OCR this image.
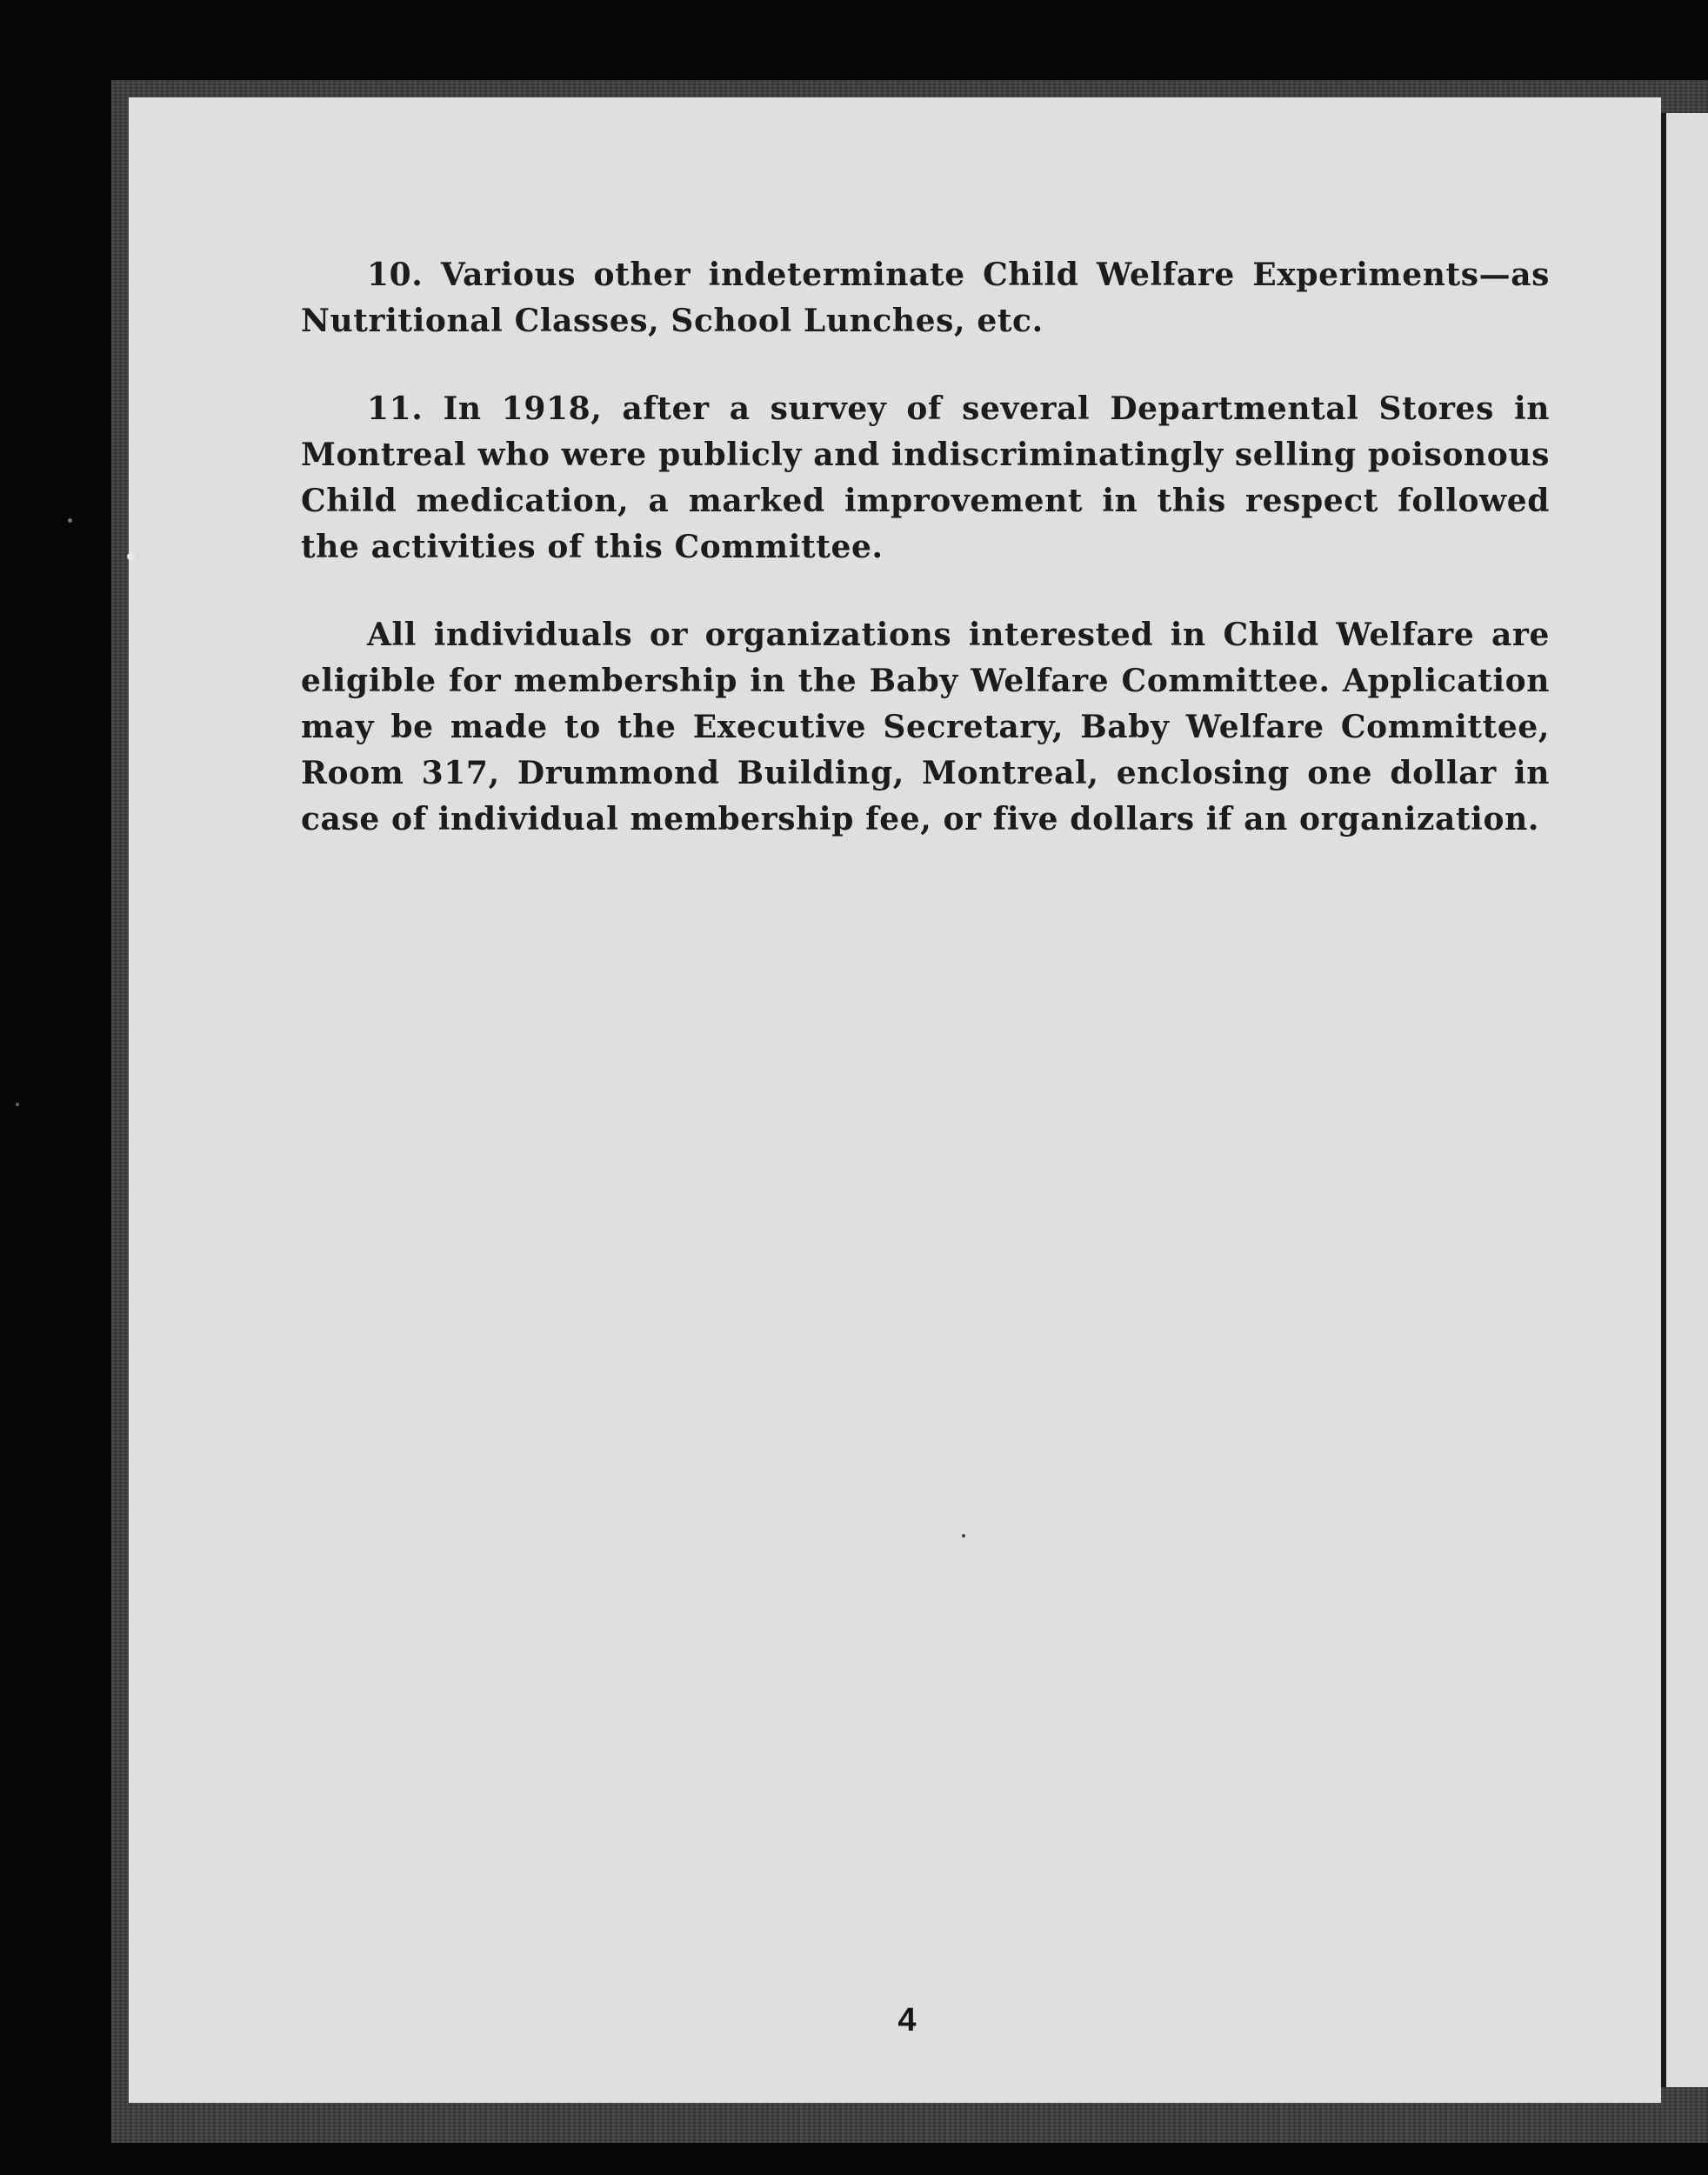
10. Various other indeterminate Child Welfare Experiments—as Nutritional Classes, School Lunches, etc.

11. In 1918, after a survey of several Departmental Stores in Montreal who were publicly and indiscriminatingly selling poisonous Child medication, a marked improvement in this respect followed the activities of this Committee.

All individuals or organizations interested in Child Welfare are eligible for membership in the Baby Welfare Committee. Application may be made to the Executive Secretary, Baby Welfare Committee, Room 317, Drummond Building, Montreal, enclosing one dollar in case of individual membership fee, or five dollars if an organization.

4
